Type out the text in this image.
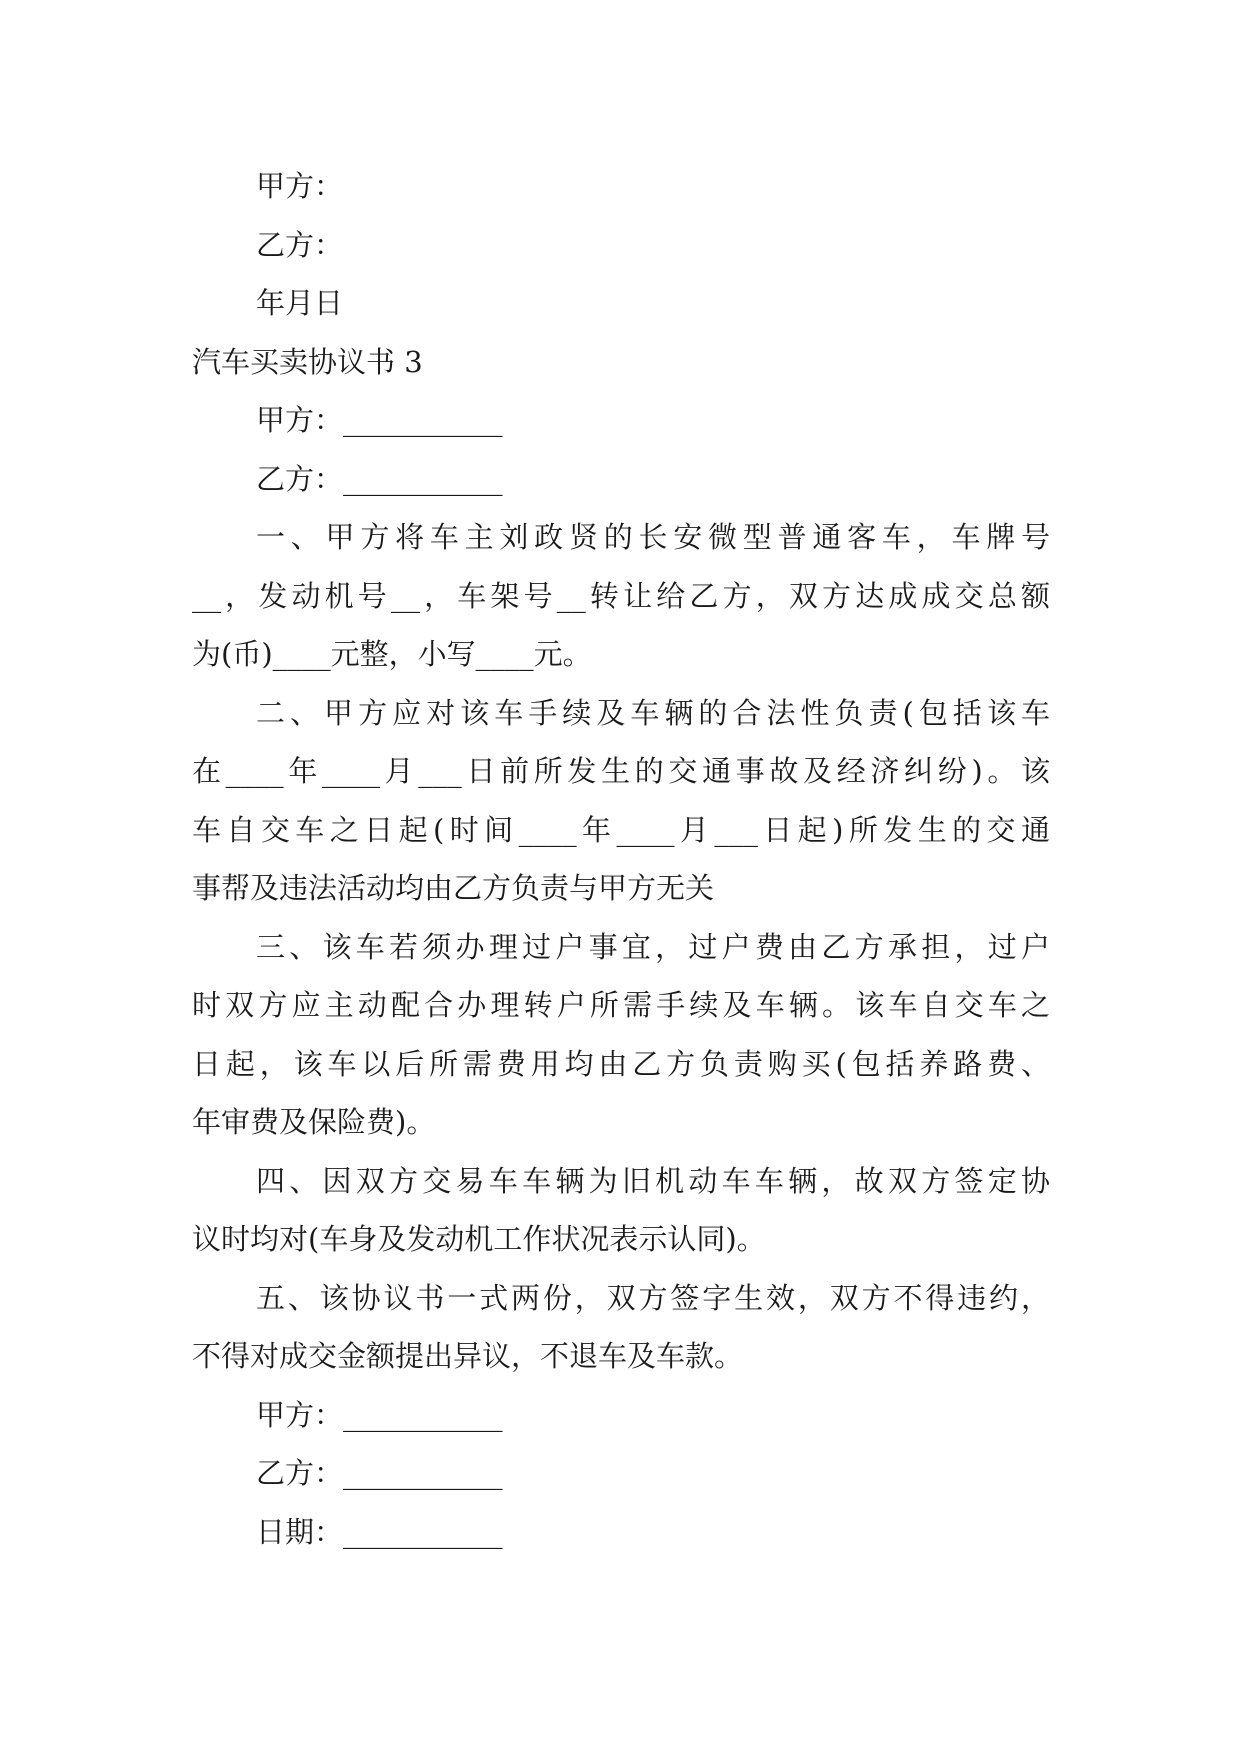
甲方：
乙方：
年月日
汽车买卖协议书 3
甲方：___________
乙方：___________
一、甲方将车主刘政贤的长安微型普通客车，车牌号
__，发动机号__，车架号__转让给乙方，双方达成成交总额
为(币)____元整，小写____元。
二、甲方应对该车手续及车辆的合法性负责(包括该车
在____年____月___日前所发生的交通事故及经济纠纷)。该
车自交车之日起(时间____年____月___日起)所发生的交通
事帮及违法活动均由乙方负责与甲方无关
三、该车若须办理过户事宜，过户费由乙方承担，过户
时双方应主动配合办理转户所需手续及车辆。该车自交车之
日起，该车以后所需费用均由乙方负责购买(包括养路费、
年审费及保险费)。
四、因双方交易车车辆为旧机动车车辆，故双方签定协
议时均对(车身及发动机工作状况表示认同)。
五、该协议书一式两份，双方签字生效，双方不得违约，
不得对成交金额提出异议，不退车及车款。
甲方：___________
乙方：___________
日期：___________
